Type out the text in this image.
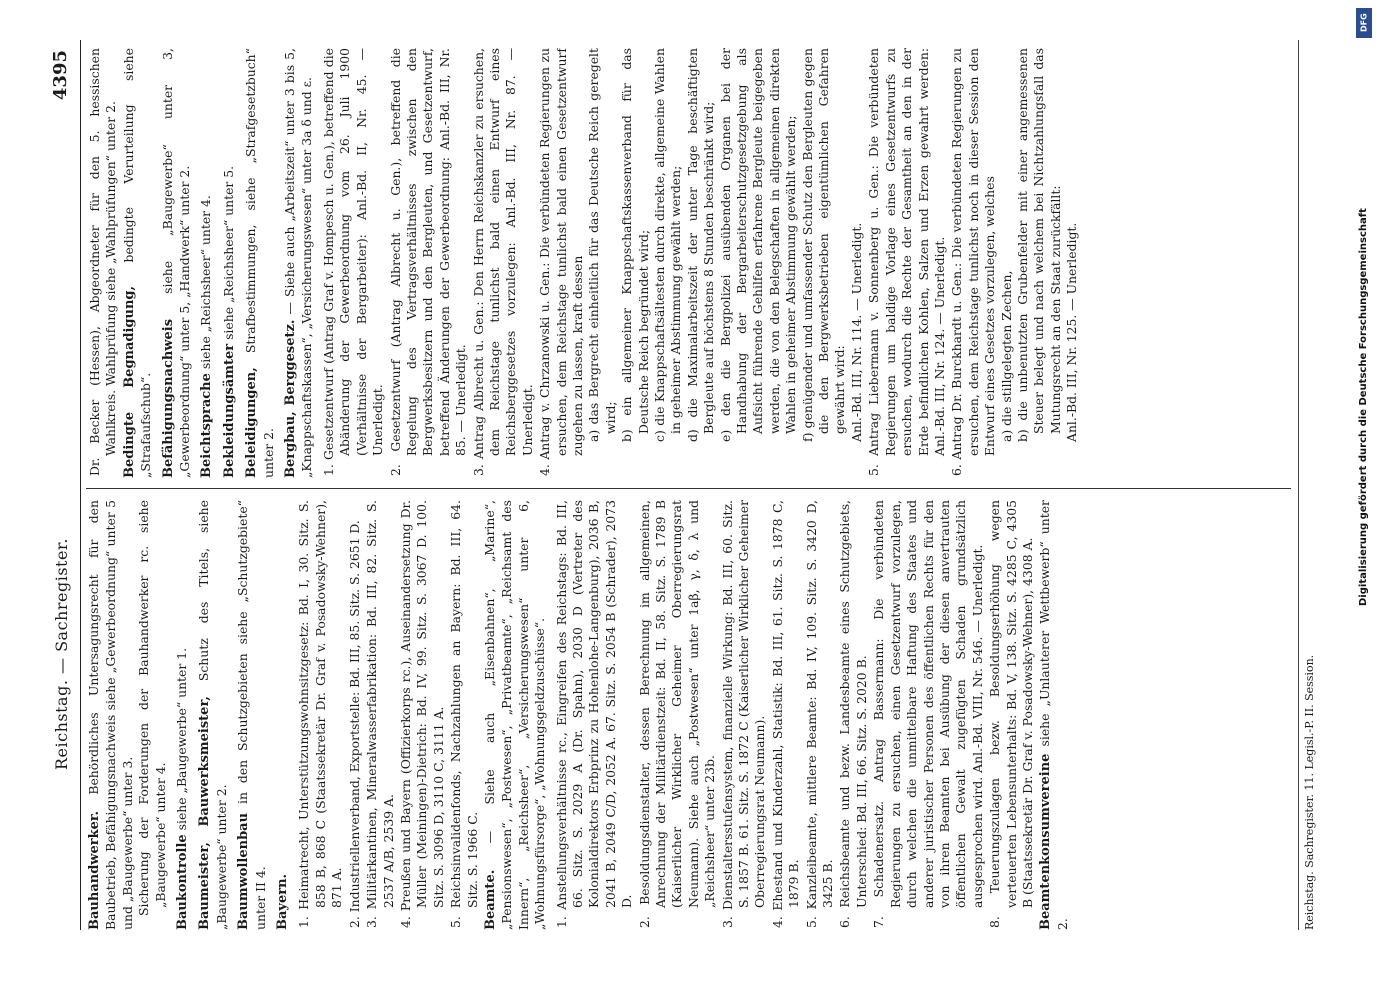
Reichstag. — Sachregister.
4395
Bauhandwerker. Behördliches Untersagungsrecht für den Baubetrieb, Befähigungsnachweis siehe „Gewerbeordnung“ unter 5 und „Baugewerbe“ unter 3. Sicherung der Forderungen der Bauhandwerker rc. siehe „Baugewerbe“ unter 4. Baukontrolle siehe „Baugewerbe“ unter 1. Baumeister, Bauwerksmeister, Schutz des Titels, siehe „Baugewerbe“ unter 2. Baumwollenbau in den Schutzgebieten siehe „Schutzgebiete“ unter II 4. Bayern. 1. Heimatrecht, Unterstützungswohnsitzgesetz: Bd. I, 30. Sitz. S. 858 B, 868 C (Staatssekretär Dr. Graf v. Posadowsky-Wehner), 871 A. 2. Industriellenverband, Exportstelle: Bd. III, 85. Sitz. S. 2651 D. 3. Militärkantinen, Mineralwasserfabrikation: Bd. III, 82. Sitz. S. 2537 A/B, 2539 A. 4. Preußen und Bayern (Offizierkorps rc.), Auseinandersetzung Dr. Müller (Meiningen)-Dietrich: Bd. IV, 99. Sitz. S. 3067 D. 100. Sitz. S. 3096 D, 3110 C, 3111 A. 5. Reichsinvalidenfonds, Nachzahlungen an Bayern: Bd. III, 64. Sitz. S. 1966 C. Beamte. — Siehe auch „Eisenbahnen“, „Marine“, „Pensionswesen“, „Postwesen“, „Privatbeamte“, „Reichsamt des Innern“, „Reichsheer“, „Versicherungswesen“ unter 6, „Wohnungsfürsorge“, „Wohnungsgeldzuschüsse“. 1. Anstellungsverhältnisse rc., Eingreifen des Reichstags: Bd. III, 66. Sitz. S. 2029 A (Dr. Spahn), 2030 D (Vertreter des Kolonialdirektors Erbprinz zu Hohenlohe-Langenburg), 2036 B, 2041 B, 2049 C/D, 2052 A. 67. Sitz. S. 2054 B (Schrader), 2073 D. 2. Besoldungsdienstalter, dessen Berechnung im allgemeinen, Anrechnung der Militärdienstzeit: Bd. II, 58. Sitz. S. 1789 B (Kaiserlicher Wirklicher Geheimer Oberregierungsrat Neumann). Siehe auch „Postwesen“ unter 1aβ, γ, δ, λ und „Reichsheer“ unter 23b. 3. Dienstaltersstufensystem, finanzielle Wirkung: Bd. III, 60. Sitz. S. 1857 B. 61. Sitz. S. 1872 C (Kaiserlicher Wirklicher Geheimer Oberregierungsrat Neumann). 4. Ehestand und Kinderzahl, Statistik: Bd. III, 61. Sitz. S. 1878 C, 1879 B. 5. Kanzleibeamte, mittlere Beamte: Bd. IV, 109. Sitz. S. 3420 D, 3425 B. 6. Reichsbeamte und bezw. Landesbeamte eines Schutzgebiets, Unterschied: Bd. III, 66. Sitz. S. 2020 B. 7. Schadenersatz. Antrag Bassermann: Die verbündeten Regierungen zu ersuchen, einen Gesetzentwurf vorzulegen, durch welchen die unmittelbare Haftung des Staates und anderer juristischer Personen des öffentlichen Rechts für den von ihren Beamten bei Ausübung der diesen anvertrauten öffentlichen Gewalt zugefügten Schaden grundsätzlich ausgesprochen wird. Anl.-Bd. VIII, Nr. 546. — Unerledigt. 8. Teuerungszulagen bezw. Besoldungserhöhung wegen verteuerten Lebensunterhalts: Bd. V, 138. Sitz. S. 4285 C, 4305 B (Staatssekretär Dr. Graf v. Posadowsky-Wehner), 4308 A. Beamtenkonsumvereine siehe „Unlauterer Wettbewerb“ unter 2.
Dr. Becker (Hessen), Abgeordneter für den 5. hessischen Wahlkreis. Wahlprüfung siehe „Wahlprüfungen“ unter 2. Bedingte Begnadigung, bedingte Verurteilung siehe „Strafaufschub“. Befähigungsnachweis siehe „Baugewerbe“ unter 3, „Gewerbeordnung“ unter 5, „Handwerk“ unter 2. Beichtsprache siehe „Reichsheer“ unter 4.
Bekleidungsämter siehe „Reichsheer“ unter 5.
Beleidigungen, Strafbestimmungen, siehe „Strafgesetzbuch“ unter 2. Bergbau, Berggesetz. — Siehe auch „Arbeitszeit“ unter 3 bis 5, „Knappschaftskassen“, „Versicherungswesen“ unter 3a δ und ε. 1. Gesetzentwurf (Antrag Graf v. Hompesch u. Gen.), betreffend die Abänderung der Gewerbeordnung vom 26. Juli 1900 (Verhältnisse der Bergarbeiter): Anl.-Bd. II, Nr. 45. — Unerledigt. 2. Gesetzentwurf (Antrag Albrecht u. Gen.), betreffend die Regelung des Vertragsverhältnisses zwischen den Bergwerksbesitzern und den Bergleuten, und Gesetzentwurf, betreffend Änderungen der Gewerbeordnung: Anl.-Bd. III, Nr. 85. — Unerledigt. 3. Antrag Albrecht u. Gen.: Den Herrn Reichskanzler zu ersuchen, dem Reichstage tunlichst bald einen Entwurf eines Reichsberggesetzes vorzulegen: Anl.-Bd. III, Nr. 87. — Unerledigt. 4. Antrag v. Chrzanowski u. Gen.: Die verbündeten Regierungen zu ersuchen, dem Reichstage tunlichst bald einen Gesetzentwurf zugehen zu lassen, kraft dessen a) das Bergrecht einheitlich für das Deutsche Reich geregelt wird; b) ein allgemeiner Knappschaftskassenverband für das Deutsche Reich begründet wird; c) die Knappschaftsältesten durch direkte, allgemeine Wahlen in geheimer Abstimmung gewählt werden; d) die Maximalarbeitszeit der unter Tage beschäftigten Bergleute auf höchstens 8 Stunden beschränkt wird; e) den die Bergpolizei ausübenden Organen bei der Handhabung der Bergarbeiterschutzgesetzgebung als Aufsicht führende Gehilfen erfahrene Bergleute beigegeben werden, die von den Belegschaften in allgemeinen direkten Wahlen in geheimer Abstimmung gewählt werden; f) genügender und umfassender Schutz den Bergleuten gegen die den Bergwerksbetrieben eigentümlichen Gefahren gewährt wird: Anl.-Bd. III, Nr. 114. — Unerledigt. 5. Antrag Liebermann v. Sonnenberg u. Gen.: Die verbündeten Regierungen um baldige Vorlage eines Gesetzentwurfs zu ersuchen, wodurch die Rechte der Gesamtheit an den in der Erde befindlichen Kohlen, Salzen und Erzen gewahrt werden: Anl.-Bd. III, Nr. 124. — Unerledigt. 6. Antrag Dr. Burckhardt u. Gen.: Die verbündeten Regierungen zu ersuchen, dem Reichstage tunlichst noch in dieser Session den Entwurf eines Gesetzes vorzulegen, welches a) die stillgelegten Zechen, b) die unbenutzten Grubenfelder mit einer angemessenen Steuer belegt und nach welchem bei Nichtzahlungsfall das Mutungsrecht an den Staat zurückfällt: Anl.-Bd. III, Nr. 125. — Unerledigt.
Reichstag. Sachregister. 11. Legisl.-P. II. Session.
DFG
Digitalisierung gefördert durch die Deutsche Forschungsgemeinschaft
